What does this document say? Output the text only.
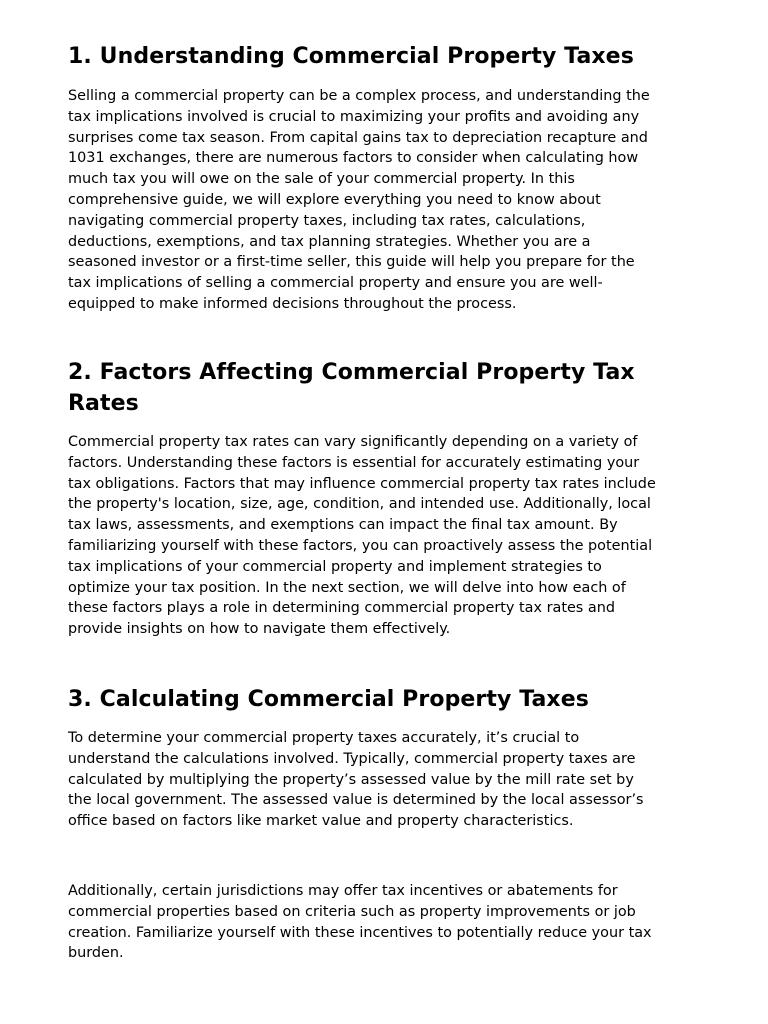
1. Understanding Commercial Property Taxes

Selling a commercial property can be a complex process, and understanding the
tax implications involved is crucial to maximizing your profits and avoiding any
surprises come tax season. From capital gains tax to depreciation recapture and
1031 exchanges, there are numerous factors to consider when calculating how
much tax you will owe on the sale of your commercial property. In this
comprehensive guide, we will explore everything you need to know about
navigating commercial property taxes, including tax rates, calculations,
deductions, exemptions, and tax planning strategies. Whether you are a
seasoned investor or a first-time seller, this guide will help you prepare for the
tax implications of selling a commercial property and ensure you are well-
equipped to make informed decisions throughout the process.

2. Factors Affecting Commercial Property Tax
Rates

Commercial property tax rates can vary significantly depending on a variety of
factors. Understanding these factors is essential for accurately estimating your
tax obligations. Factors that may influence commercial property tax rates include
the property's location, size, age, condition, and intended use. Additionally, local
tax laws, assessments, and exemptions can impact the final tax amount. By
familiarizing yourself with these factors, you can proactively assess the potential
tax implications of your commercial property and implement strategies to
optimize your tax position. In the next section, we will delve into how each of
these factors plays a role in determining commercial property tax rates and
provide insights on how to navigate them effectively.

3. Calculating Commercial Property Taxes

To determine your commercial property taxes accurately, it’s crucial to
understand the calculations involved. Typically, commercial property taxes are
calculated by multiplying the property’s assessed value by the mill rate set by
the local government. The assessed value is determined by the local assessor’s
office based on factors like market value and property characteristics.

Additionally, certain jurisdictions may offer tax incentives or abatements for
commercial properties based on criteria such as property improvements or job
creation. Familiarize yourself with these incentives to potentially reduce your tax
burden.
